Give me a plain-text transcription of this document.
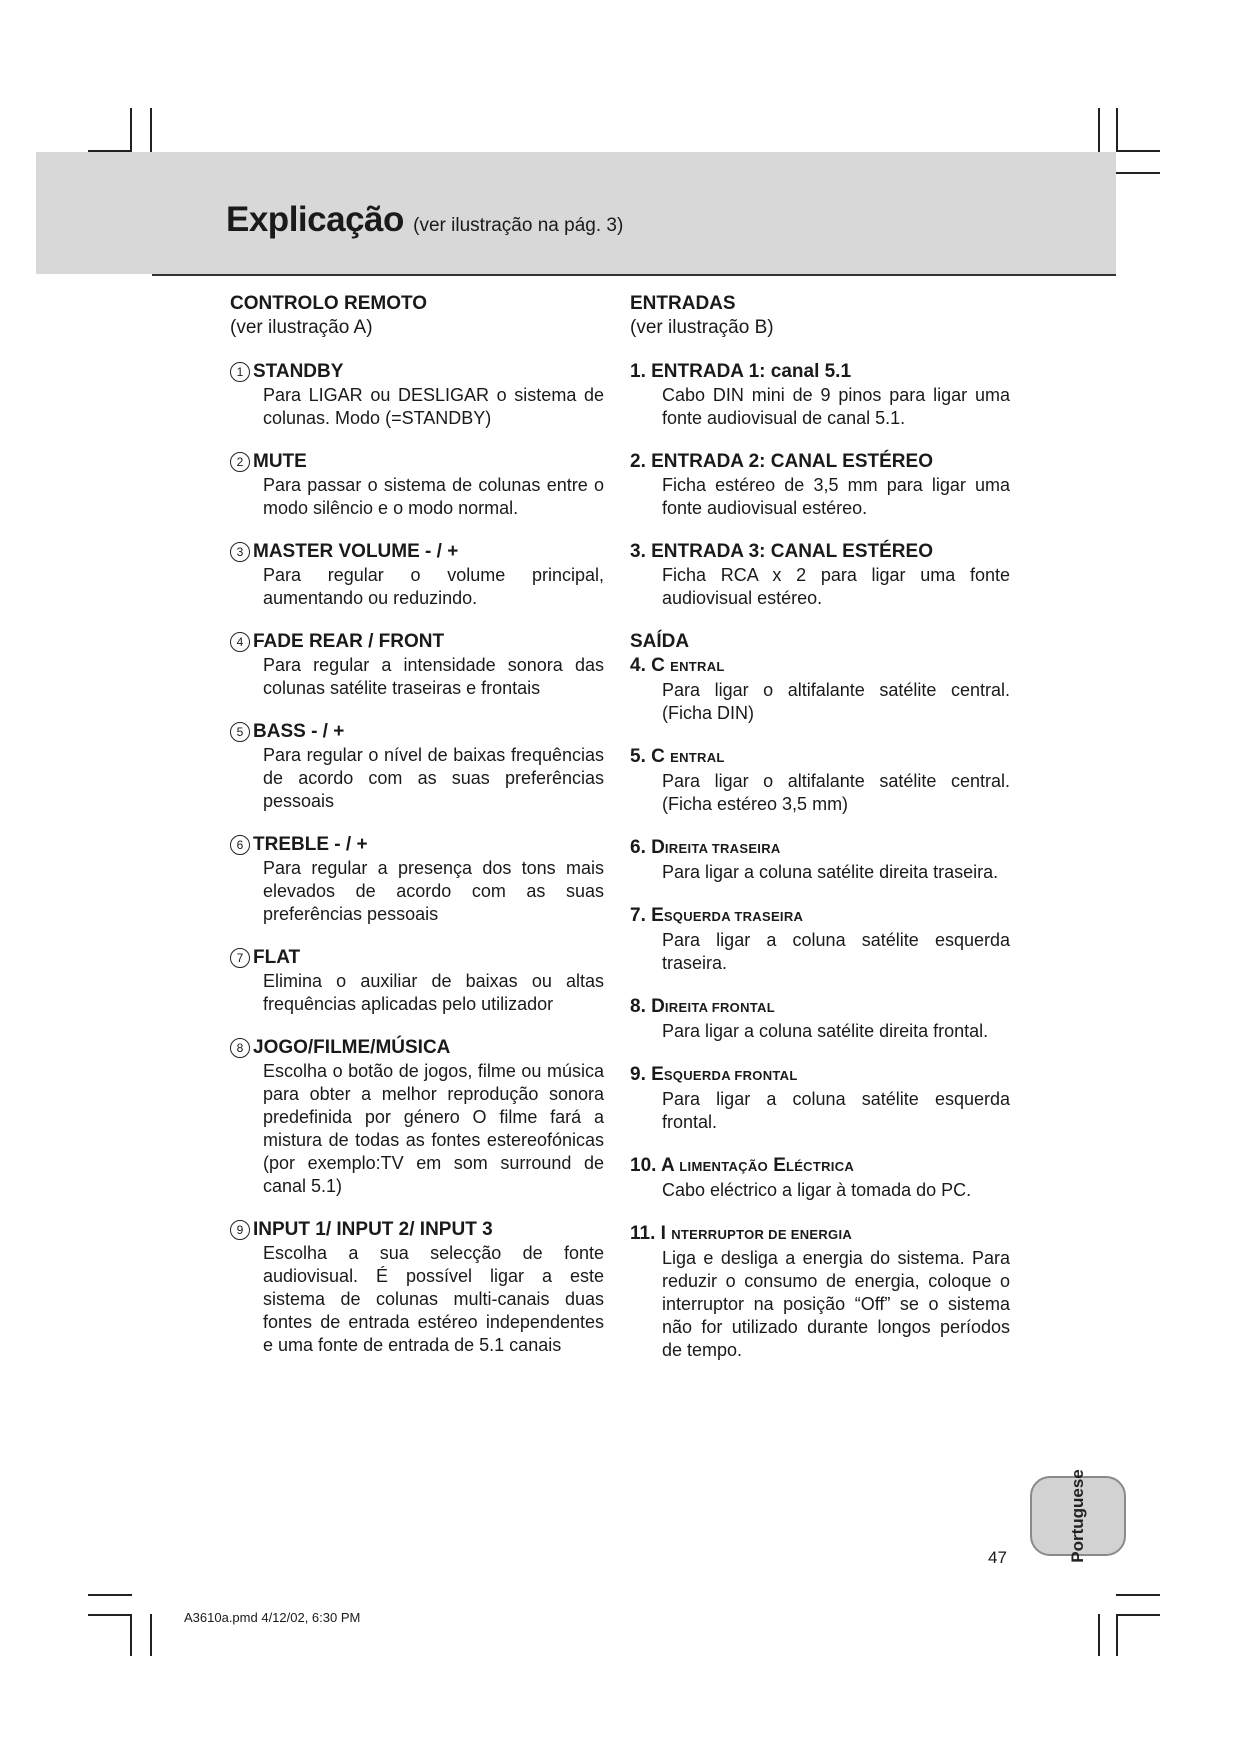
Explicação (ver ilustração na pág. 3)
CONTROLO REMOTO
(ver ilustração A)
1 STANDBY
Para LIGAR ou DESLIGAR o sistema de colunas. Modo (=STANDBY)
2 MUTE
Para passar o sistema de colunas entre o modo silêncio e o modo normal.
3 MASTER VOLUME - / +
Para regular o volume principal, aumentando ou reduzindo.
4 FADE REAR / FRONT
Para regular a intensidade sonora das colunas satélite traseiras e frontais
5 BASS - / +
Para regular o nível de baixas frequências de acordo com as suas preferências pessoais
6 TREBLE - / +
Para regular a presença dos tons mais elevados de acordo com as suas preferências pessoais
7 FLAT
Elimina o auxiliar de baixas ou altas frequências aplicadas pelo utilizador
8 JOGO/FILME/MÚSICA
Escolha o botão de jogos, filme ou música para obter a melhor reprodução sonora predefinida por género O filme fará a mistura de todas as fontes estereofónicas (por exemplo:TV em som surround de canal 5.1)
9 INPUT 1/ INPUT 2/ INPUT 3
Escolha a sua selecção de fonte audiovisual. É possível ligar a este sistema de colunas multi-canais duas fontes de entrada estéreo independentes e uma fonte de entrada de 5.1 canais
ENTRADAS
(ver ilustração B)
1. ENTRADA 1: canal 5.1
Cabo DIN mini de 9 pinos para ligar uma fonte audiovisual de canal 5.1.
2. ENTRADA 2: CANAL ESTÉREO
Ficha estéreo de 3,5 mm para ligar uma fonte audiovisual estéreo.
3. ENTRADA 3: CANAL ESTÉREO
Ficha RCA x 2 para ligar uma fonte audiovisual estéreo.
SAÍDA
4. C ENTRAL
Para ligar o altifalante satélite central. (Ficha DIN)
5. C ENTRAL
Para ligar o altifalante satélite central. (Ficha estéreo 3,5 mm)
6. DIREITA TRASEIRA
Para ligar a coluna satélite direita traseira.
7. ESQUERDA TRASEIRA
Para ligar a coluna satélite esquerda traseira.
8. DIREITA FRONTAL
Para ligar a coluna satélite direita frontal.
9. ESQUERDA FRONTAL
Para ligar a coluna satélite esquerda frontal.
10. A LIMENTAÇÃO ELÉCTRICA
Cabo eléctrico a ligar à tomada do PC.
11. I NTERRUPTOR DE ENERGIA
Liga e desliga a energia do sistema. Para reduzir o consumo de energia, coloque o interruptor na posição “Off” se o sistema não for utilizado durante longos períodos de tempo.
Portuguese
47
A3610a.pmd 4/12/02, 6:30 PM
